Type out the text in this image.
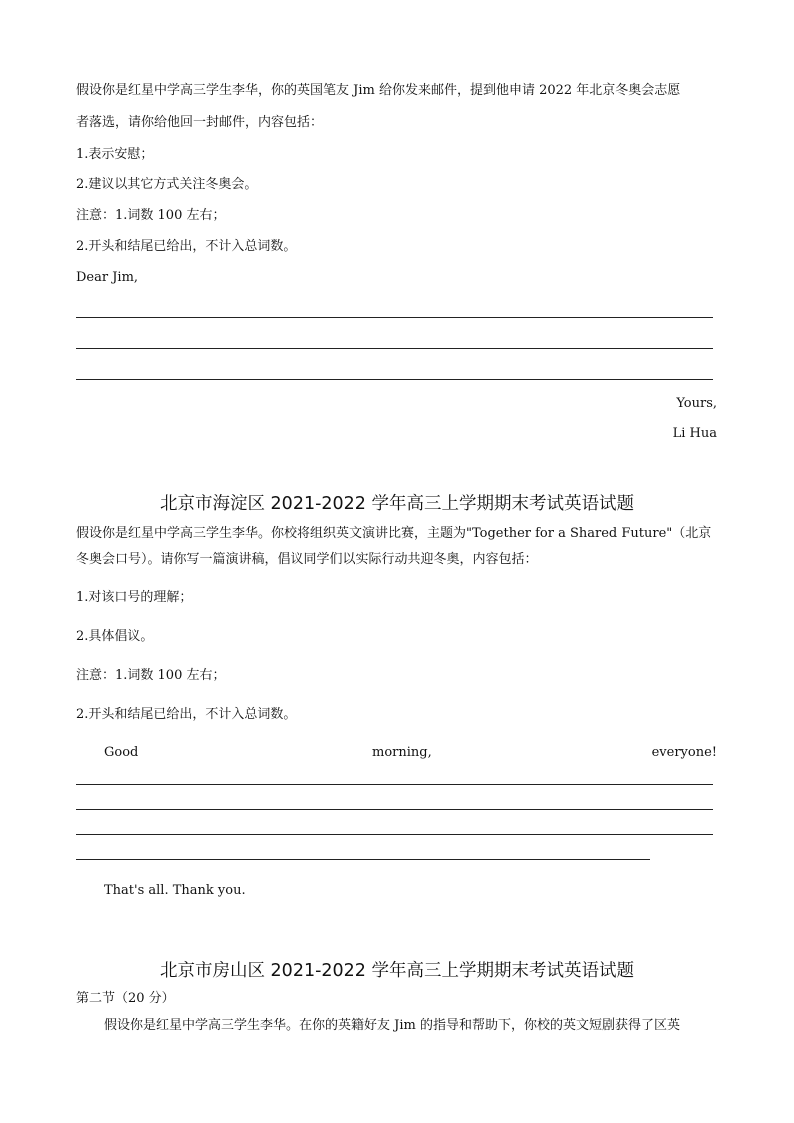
假设你是红星中学高三学生李华，你的英国笔友 Jim 给你发来邮件，提到他申请 2022 年北京冬奥会志愿
者落选，请你给他回一封邮件，内容包括：
1.表示安慰；
2.建议以其它方式关注冬奥会。
注意：1.词数 100 左右；
2.开头和结尾已给出，不计入总词数。
Dear Jim,
Yours,
Li Hua
北京市海淀区 2021-2022 学年高三上学期期末考试英语试题
假设你是红星中学高三学生李华。你校将组织英文演讲比赛，主题为"Together for a Shared Future"（北京
冬奥会口号）。请你写一篇演讲稿，倡议同学们以实际行动共迎冬奥，内容包括：
1.对该口号的理解；
2.具体倡议。
注意：1.词数 100 左右；
2.开头和结尾已给出，不计入总词数。
Good	morning,	everyone!
That's all. Thank you.
北京市房山区 2021-2022 学年高三上学期期末考试英语试题
第二节（20 分）
假设你是红星中学高三学生李华。在你的英籍好友 Jim 的指导和帮助下，你校的英文短剧获得了区英
